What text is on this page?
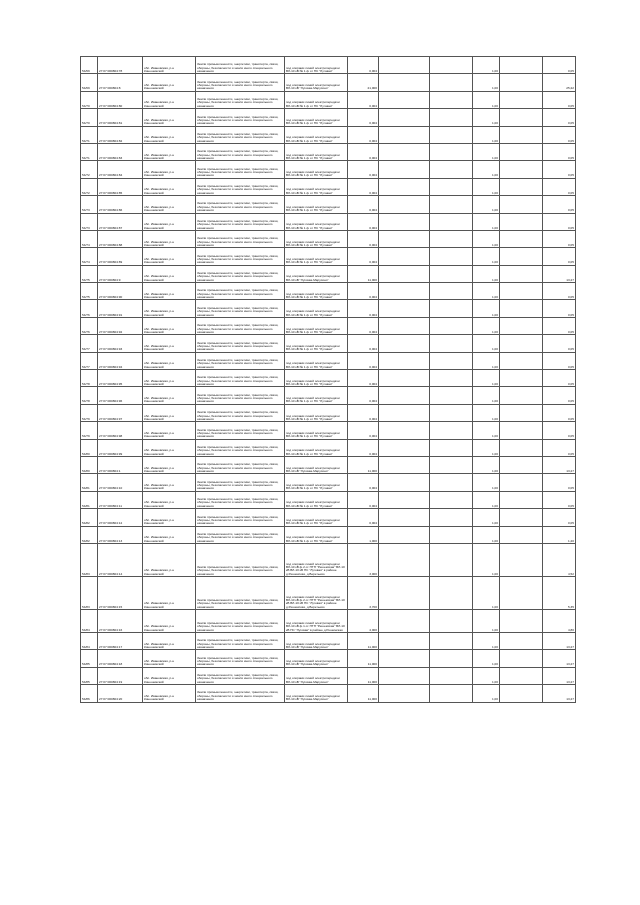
54/69	27:07:000804:78	обл. Ивановская, р-н Кинешемский	Земли промышленности, энергетики, транспорта, связи, обороны, безопасности и земли иного специального назначения	под опорами линий электропередачи ВЛ-10 кВ № 1 ф от ПС "Луговая"	0,004			1,00		0,05
54/69	27:07:000804:8	обл. Ивановская, р-н Кинешемский	Земли промышленности, энергетики, транспорта, связи, обороны, безопасности и земли иного специального назначения	под опорами линий электропередачи ВЛ-10 кВ "Луговая-Марусино"	21,000			1,00		25,22
54/70	27:07:000804:80	обл. Ивановская, р-н Кинешемский	Земли промышленности, энергетики, транспорта, связи, обороны, безопасности и земли иного специального назначения	под опорами линий электропередачи ВЛ-10 кВ № 1 ф от ПС "Луговая"	0,004			1,00		0,05
54/70	27:07:000804:81	обл. Ивановская, р-н Кинешемский	Земли промышленности, энергетики, транспорта, связи, обороны, безопасности и земли иного специального назначения	под опорами линий электропередачи ВЛ-10 кВ № 1 ф от ПС "Луговая"	0,004			1,00		0,05
54/71	27:07:000804:82	обл. Ивановская, р-н Кинешемский	Земли промышленности, энергетики, транспорта, связи, обороны, безопасности и земли иного специального назначения	под опорами линий электропередачи ВЛ-10 кВ № 1 ф от ПС "Луговая"	0,004			1,00		0,05
54/71	27:07:000804:83	обл. Ивановская, р-н Кинешемский	Земли промышленности, энергетики, транспорта, связи, обороны, безопасности и земли иного специального назначения	под опорами линий электропередачи ВЛ-10 кВ № 1 ф от ПС "Луговая"	0,004			1,00		0,05
54/72	27:07:000804:84	обл. Ивановская, р-н Кинешемский	Земли промышленности, энергетики, транспорта, связи, обороны, безопасности и земли иного специального назначения	под опорами линий электропередачи ВЛ-10 кВ № 1 ф от ПС "Луговая"	0,004			1,00		0,05
54/72	27:07:000804:85	обл. Ивановская, р-н Кинешемский	Земли промышленности, энергетики, транспорта, связи, обороны, безопасности и земли иного специального назначения	под опорами линий электропередачи ВЛ-10 кВ № 1 ф от ПС "Луговая"	0,004			1,00		0,05
54/73	27:07:000804:86	обл. Ивановская, р-н Кинешемский	Земли промышленности, энергетики, транспорта, связи, обороны, безопасности и земли иного специального назначения	под опорами линий электропередачи ВЛ-10 кВ № 1 ф от ПС "Луговая"	0,004			1,00		0,05
54/73	27:07:000804:87	обл. Ивановская, р-н Кинешемский	Земли промышленности, энергетики, транспорта, связи, обороны, безопасности и земли иного специального назначения	под опорами линий электропередачи ВЛ-10 кВ № 1 ф от ПС "Луговая"	0,004			1,00		0,05
54/74	27:07:000804:88	обл. Ивановская, р-н Кинешемский	Земли промышленности, энергетики, транспорта, связи, обороны, безопасности и земли иного специального назначения	под опорами линий электропередачи ВЛ-10 кВ № 1 ф от ПС "Луговая"	0,004			1,00		0,05
54/74	27:07:000804:89	обл. Ивановская, р-н Кинешемский	Земли промышленности, энергетики, транспорта, связи, обороны, безопасности и земли иного специального назначения	под опорами линий электропередачи ВЛ-10 кВ № 1 ф от ПС "Луговая"	0,004			1,00		0,05
54/75	27:07:000804:9	обл. Ивановская, р-н Кинешемский	Земли промышленности, энергетики, транспорта, связи, обороны, безопасности и земли иного специального назначения	под опорами линий электропередачи ВЛ-10 кВ "Луговая-Марусино"	11,000			1,00		13,27
54/75	27:07:000804:90	обл. Ивановская, р-н Кинешемский	Земли промышленности, энергетики, транспорта, связи, обороны, безопасности и земли иного специального назначения	под опорами линий электропередачи ВЛ-10 кВ № 1 ф от ПС "Луговая"	0,004			1,00		0,05
54/76	27:07:000804:91	обл. Ивановская, р-н Кинешемский	Земли промышленности, энергетики, транспорта, связи, обороны, безопасности и земли иного специального назначения	под опорами линий электропередачи ВЛ-10 кВ № 1 ф от ПС "Луговая"	0,004			1,00		0,05
54/76	27:07:000804:92	обл. Ивановская, р-н Кинешемский	Земли промышленности, энергетики, транспорта, связи, обороны, безопасности и земли иного специального назначения	под опорами линий электропередачи ВЛ-10 кВ № 1 ф от ПС "Луговая"	0,004			1,00		0,05
54/77	27:07:000804:93	обл. Ивановская, р-н Кинешемский	Земли промышленности, энергетики, транспорта, связи, обороны, безопасности и земли иного специального назначения	под опорами линий электропередачи ВЛ-10 кВ № 1 ф от ПС "Луговая"	0,004			1,00		0,05
54/77	27:07:000804:94	обл. Ивановская, р-н Кинешемский	Земли промышленности, энергетики, транспорта, связи, обороны, безопасности и земли иного специального назначения	под опорами линий электропередачи ВЛ-10 кВ № 1 ф от ПС "Луговая"	0,004			1,00		0,05
54/78	27:07:000804:95	обл. Ивановская, р-н Кинешемский	Земли промышленности, энергетики, транспорта, связи, обороны, безопасности и земли иного специального назначения	под опорами линий электропередачи ВЛ-10 кВ № 1 ф от ПС "Луговая"	0,004			1,00		0,05
54/78	27:07:000804:96	обл. Ивановская, р-н Кинешемский	Земли промышленности, энергетики, транспорта, связи, обороны, безопасности и земли иного специального назначения	под опорами линий электропередачи ВЛ-10 кВ № 1 ф от ПС "Луговая"	0,004			1,00		0,05
54/79	27:07:000804:97	обл. Ивановская, р-н Кинешемский	Земли промышленности, энергетики, транспорта, связи, обороны, безопасности и земли иного специального назначения	под опорами линий электропередачи ВЛ-10 кВ № 1 ф от ПС "Луговая"	0,004			1,00		0,05
54/79	27:07:000804:98	обл. Ивановская, р-н Кинешемский	Земли промышленности, энергетики, транспорта, связи, обороны, безопасности и земли иного специального назначения	под опорами линий электропередачи ВЛ-10 кВ № 1 ф от ПС "Луговая"	0,004			1,00		0,05
54/80	27:07:000804:99	обл. Ивановская, р-н Кинешемский	Земли промышленности, энергетики, транспорта, связи, обороны, безопасности и земли иного специального назначения	под опорами линий электропередачи ВЛ-10 кВ № 1 ф от ПС "Луговая"	0,004			1,00		0,05
54/80	27:07:000804:1	обл. Ивановская, р-н Кинешемский	Земли промышленности, энергетики, транспорта, связи, обороны, безопасности и земли иного специального назначения	под опорами линий электропередачи ВЛ-10 кВ "Луговая-Марусино"	11,000			1,00		13,27
54/81	27:07:000804:10	обл. Ивановская, р-н Кинешемский	Земли промышленности, энергетики, транспорта, связи, обороны, безопасности и земли иного специального назначения	под опорами линий электропередачи ВЛ-10 кВ № 1 ф от ПС "Луговая"	0,004			1,00		0,05
54/81	27:07:000804:11	обл. Ивановская, р-н Кинешемский	Земли промышленности, энергетики, транспорта, связи, обороны, безопасности и земли иного специального назначения	под опорами линий электропередачи ВЛ-10 кВ № 1 ф от ПС "Луговая"	0,004			1,00		0,05
54/82	27:07:000804:12	обл. Ивановская, р-н Кинешемский	Земли промышленности, энергетики, транспорта, связи, обороны, безопасности и земли иного специального назначения	под опорами линий электропередачи ВЛ-10 кВ № 1 ф от ПС "Луговая"	0,004			1,00		0,05
54/82	27:07:000804:13	обл. Ивановская, р-н Кинешемский	Земли промышленности, энергетики, транспорта, связи, обороны, безопасности и земли иного специального назначения	под опорами линий электропередачи ВЛ-10 кВ № 1 ф от ПС "Луговая"	1,000			1,00		1,20
54/83	27:07:000804:14	обл. Ивановская, р-н Кинешемский	Земли промышленности, энергетики, транспорта, связи, обороны, безопасности и земли иного специального назначения	под опорами линий электропередачи ВЛ-10 кВ ф.2 от ПТП "Решемская" ВЛ-10 кВ ВЛ-10 кВ ПС "Луговая" в районе д.Решемская, д.Веретьево	3,000			1,00		4,52
54/83	27:07:000804:15	обл. Ивановская, р-н Кинешемский	Земли промышленности, энергетики, транспорта, связи, обороны, безопасности и земли иного специального назначения	под опорами линий электропередачи ВЛ-10 кВ ф.2 от ПТП "Решемская" ВЛ-10 кВ ВЛ-10 кВ ПС "Луговая" в районе д.Решемская, д.Веретьево	3,700			1,00		5,35
54/84	27:07:000804:16	обл. Ивановская, р-н Кинешемский	Земли промышленности, энергетики, транспорта, связи, обороны, безопасности и земли иного специального назначения	под опорами линий электропередачи ВЛ-10 кВ ф.1 от ПТП "Решемская" ВЛ-10 кВ ПС "Луговая" в районе д.Решемская	4,000			1,00		4,80
54/84	27:07:000804:17	обл. Ивановская, р-н Кинешемский	Земли промышленности, энергетики, транспорта, связи, обороны, безопасности и земли иного специального назначения	под опорами линий электропередачи ВЛ-10 кВ "Луговая-Марусино"	11,000			1,00		13,27
54/85	27:07:000804:18	обл. Ивановская, р-н Кинешемский	Земли промышленности, энергетики, транспорта, связи, обороны, безопасности и земли иного специального назначения	под опорами линий электропередачи ВЛ-10 кВ "Луговая-Марусино"	11,000			1,00		13,27
54/85	27:07:000804:19	обл. Ивановская, р-н Кинешемский	Земли промышленности, энергетики, транспорта, связи, обороны, безопасности и земли иного специального назначения	под опорами линий электропередачи ВЛ-10 кВ "Луговая-Марусино"	11,000			1,00		13,27
54/86	27:07:000804:20	обл. Ивановская, р-н Кинешемский	Земли промышленности, энергетики, транспорта, связи, обороны, безопасности и земли иного специального назначения	под опорами линий электропередачи ВЛ-10 кВ "Луговая-Марусино"	11,000			1,00		13,27
